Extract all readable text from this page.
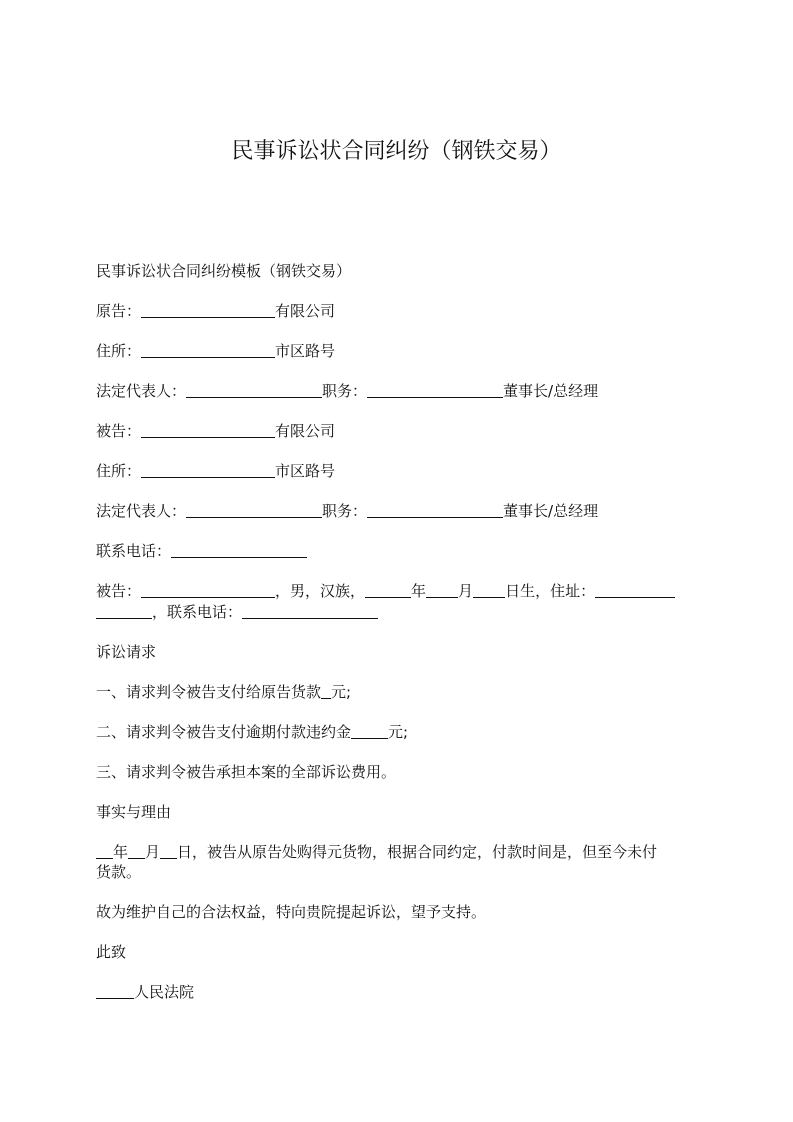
民事诉讼状合同纠纷（钢铁交易）

民事诉讼状合同纠纷模板（钢铁交易）

原告：	有限公司

住所：	市区路号

法定代表人：	职务：	董事长/总经理

被告：	有限公司

住所：	市区路号

法定代表人：	职务：	董事长/总经理

联系电话：

被告：	，男，汉族，	年 月 日生，住址：
，联系电话：

诉讼请求

一、请求判令被告支付给原告货款 元;

二、请求判令被告支付逾期付款违约金 元;

三、请求判令被告承担本案的全部诉讼费用。

事实与理由

年 月 日，被告从原告处购得元货物，根据合同约定，付款时间是，但至今未付
货款。

故为维护自己的合法权益，特向贵院提起诉讼，望予支持。

此致

人民法院
